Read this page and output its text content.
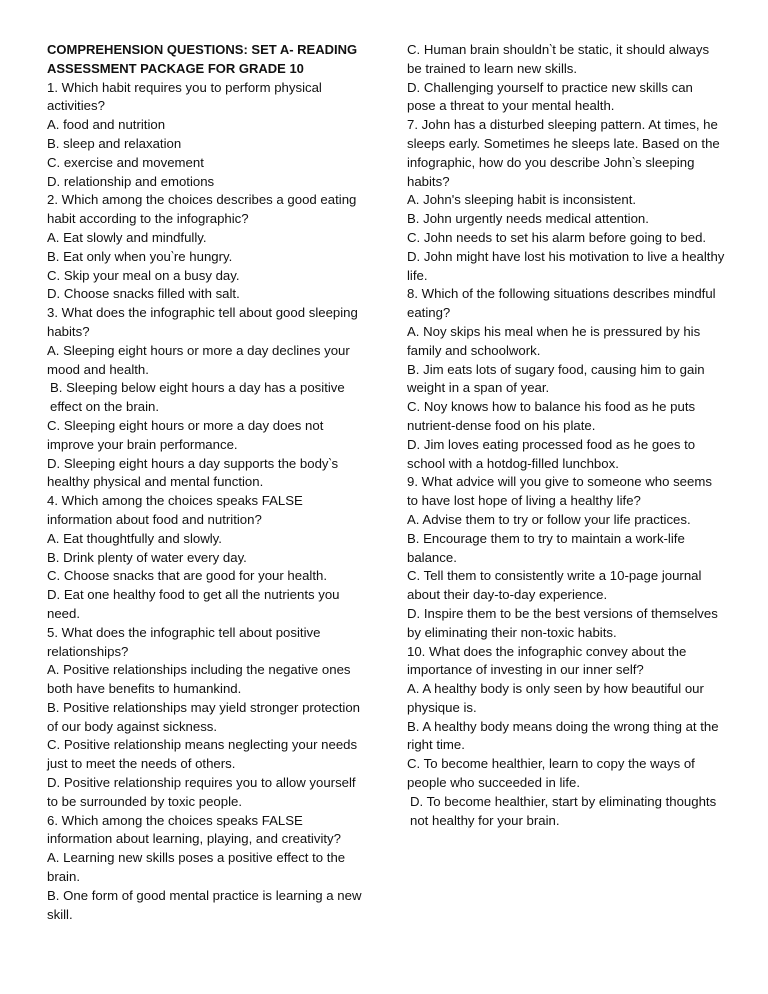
COMPREHENSION QUESTIONS: SET A- READING

ASSESSMENT PACKAGE FOR GRADE 10

1. Which habit requires you to perform physical activities?

A. food and nutrition

B. sleep and relaxation

C. exercise and movement

D. relationship and emotions

2. Which among the choices describes a good eating habit according to the infographic?

A. Eat slowly and mindfully.

B. Eat only when you‵re hungry.

C. Skip your meal on a busy day.

D. Choose snacks filled with salt.

3. What does the infographic tell about good sleeping habits?

A. Sleeping eight hours or more a day declines your mood and health.

B. Sleeping below eight hours a day has a positive effect on the brain.

C. Sleeping eight hours or more a day does not improve your brain performance.

D. Sleeping eight hours a day supports the body‵s healthy physical and mental function.

4. Which among the choices speaks FALSE information about food and nutrition?

A. Eat thoughtfully and slowly.

B. Drink plenty of water every day.

C. Choose snacks that are good for your health.

D. Eat one healthy food to get all the nutrients you need.

5. What does the infographic tell about positive relationships?

A. Positive relationships including the negative ones both have benefits to humankind.

B. Positive relationships may yield stronger protection of our body against sickness.

C. Positive relationship means neglecting your needs just to meet the needs of others.

D. Positive relationship requires you to allow yourself to be surrounded by toxic people.

6. Which among the choices speaks FALSE information about learning, playing, and creativity?

A. Learning new skills poses a positive effect to the brain.

B. One form of good mental practice is learning a new skill.

C. Human brain shouldn‵t be static, it should always be trained to learn new skills.

D. Challenging yourself to practice new skills can pose a threat to your mental health.

7. John has a disturbed sleeping pattern. At times, he sleeps early. Sometimes he sleeps late. Based on the infographic, how do you describe John‵s sleeping habits?

A. John's sleeping habit is inconsistent.

B. John urgently needs medical attention.

C. John needs to set his alarm before going to bed.

D. John might have lost his motivation to live a healthy life.

8. Which of the following situations describes mindful eating?

A. Noy skips his meal when he is pressured by his family and schoolwork.

B. Jim eats lots of sugary food, causing him to gain weight in a span of year.

C. Noy knows how to balance his food as he puts nutrient-dense food on his plate.

D. Jim loves eating processed food as he goes to school with a hotdog-filled lunchbox.

9. What advice will you give to someone who seems to have lost hope of living a healthy life?

A. Advise them to try or follow your life practices.

B. Encourage them to try to maintain a work-life balance.

C. Tell them to consistently write a 10-page journal about their day-to-day experience.

D. Inspire them to be the best versions of themselves by eliminating their non-toxic habits.

10. What does the infographic convey about the importance of investing in our inner self?

A. A healthy body is only seen by how beautiful our physique is.

B. A healthy body means doing the wrong thing at the right time.

C. To become healthier, learn to copy the ways of people who succeeded in life.

D. To become healthier, start by eliminating thoughts not healthy for your brain.
